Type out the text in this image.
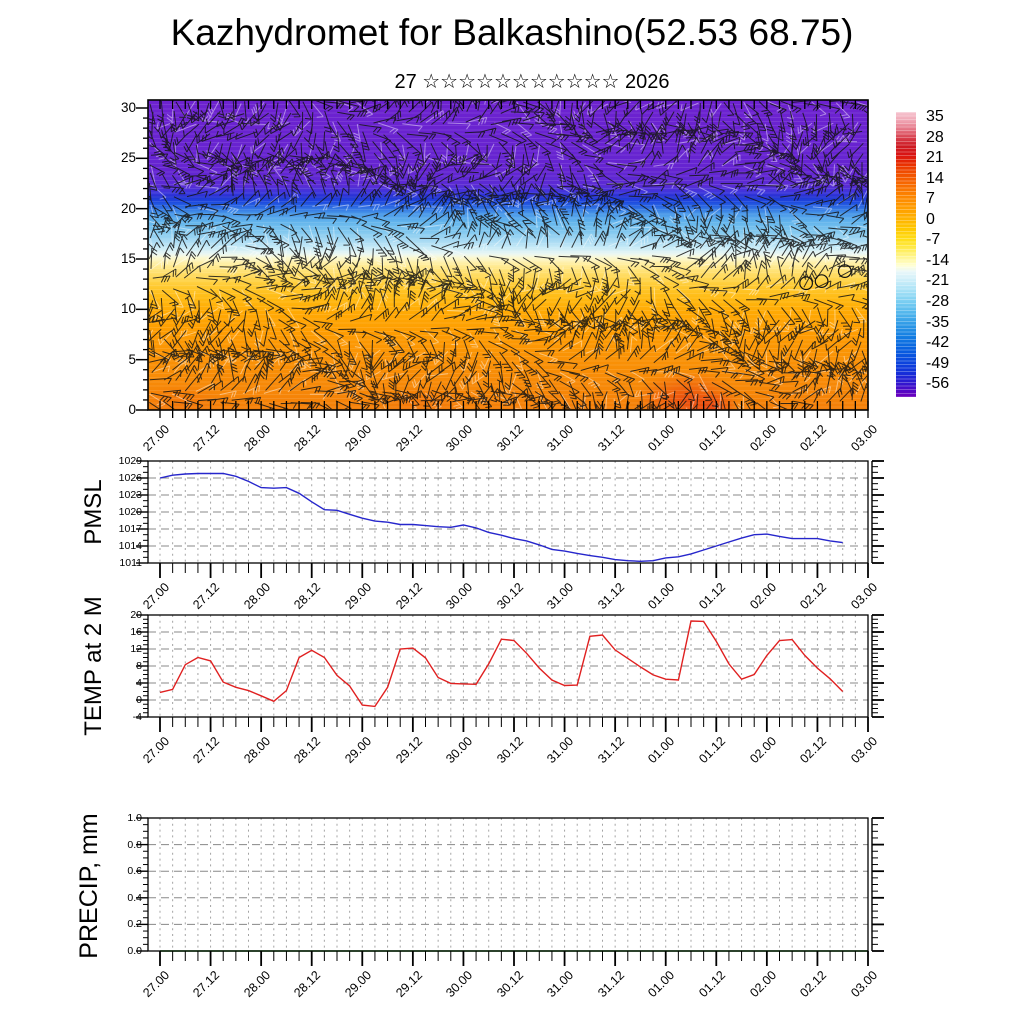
Kazhydromet for Balkashino(52.53 68.75)
27 ☆☆☆☆☆☆☆☆☆☆☆ 2026
PMSL
TEMP at 2 M
PRECIP, mm
0
5
10
15
20
25
30
27.00 27.12 28.00 28.12 29.00 29.12 30.00 30.12 31.00 31.12 01.00 01.12 02.00 02.12 03.00
35
28
21
14
7
0
-7
-14
-21
-28
-35
-42
-49
-56
1029
1026
1023
1020
1017
1014
1011
27.00 27.12 28.00 28.12 29.00 29.12 30.00 30.12 31.00 31.12 01.00 01.12 02.00 02.12 03.00
20
16
12
8
4
0
-4
27.00 27.12 28.00 28.12 29.00 29.12 30.00 30.12 31.00 31.12 01.00 01.12 02.00 02.12 03.00
1.0
0.8
0.6
0.4
0.2
0.0
27.00 27.12 28.00 28.12 29.00 29.12 30.00 30.12 31.00 31.12 01.00 01.12 02.00 02.12 03.00
